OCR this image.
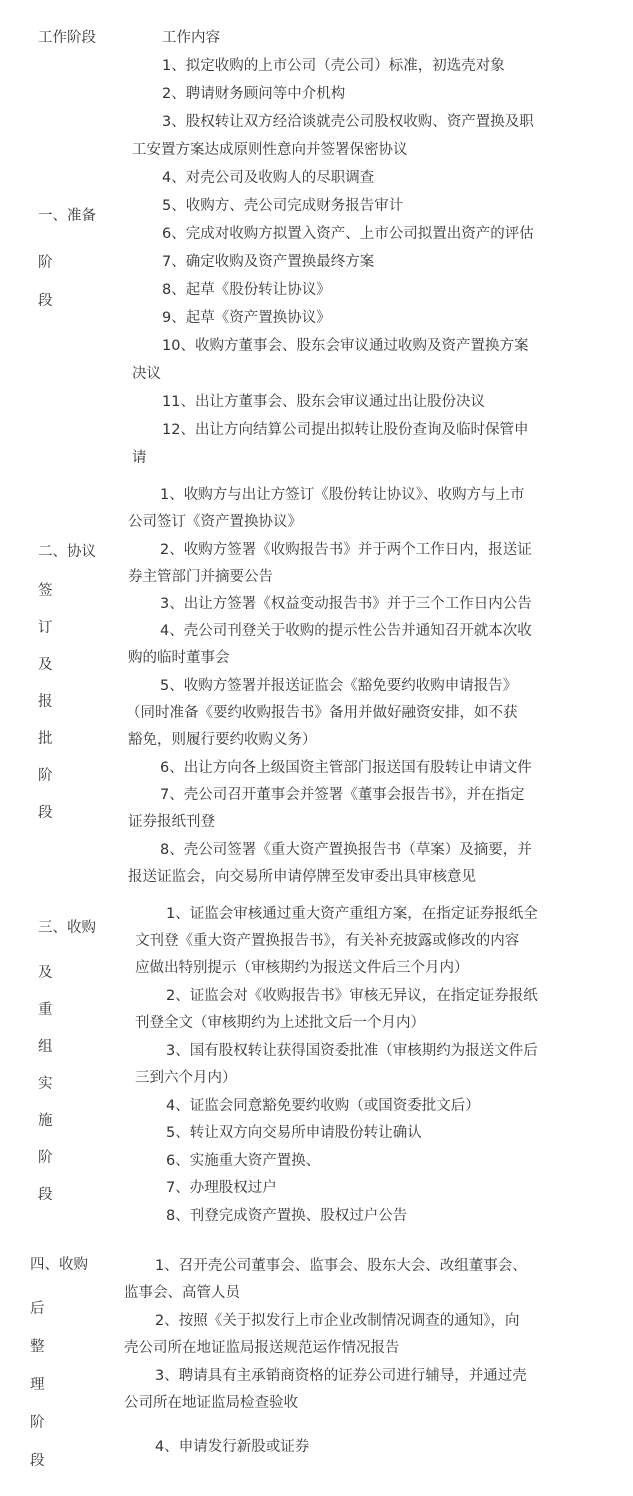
工作阶段	工作内容
一、准备
阶
段
1、拟定收购的上市公司（壳公司）标准，初选壳对象
2、聘请财务顾问等中介机构
3、股权转让双方经洽谈就壳公司股权收购、资产置换及职
工安置方案达成原则性意向并签署保密协议
4、对壳公司及收购人的尽职调查
5、收购方、壳公司完成财务报告审计
6、完成对收购方拟置入资产、上市公司拟置出资产的评估
7、确定收购及资产置换最终方案
8、起草《股份转让协议》
9、起草《资产置换协议》
10、收购方董事会、股东会审议通过收购及资产置换方案
决议
11、出让方董事会、股东会审议通过出让股份决议
12、出让方向结算公司提出拟转让股份查询及临时保管申
请
二、协议
签
订
及
报
批
阶
段
1、收购方与出让方签订《股份转让协议》、收购方与上市
公司签订《资产置换协议》
2、收购方签署《收购报告书》并于两个工作日内，报送证
券主管部门并摘要公告
3、出让方签署《权益变动报告书》并于三个工作日内公告
4、壳公司刊登关于收购的提示性公告并通知召开就本次收
购的临时董事会
5、收购方签署并报送证监会《豁免要约收购申请报告》
（同时准备《要约收购报告书》备用并做好融资安排，如不获
豁免，则履行要约收购义务）
6、出让方向各上级国资主管部门报送国有股转让申请文件
7、壳公司召开董事会并签署《董事会报告书》，并在指定
证券报纸刊登
8、壳公司签署《重大资产置换报告书（草案）及摘要，并
报送证监会，向交易所申请停牌至发审委出具审核意见
三、收购
及
重
组
实
施
阶
段
1、证监会审核通过重大资产重组方案，在指定证券报纸全
文刊登《重大资产置换报告书》，有关补充披露或修改的内容
应做出特别提示（审核期约为报送文件后三个月内）
2、证监会对《收购报告书》审核无异议，在指定证券报纸
刊登全文（审核期约为上述批文后一个月内）
3、国有股权转让获得国资委批准（审核期约为报送文件后
三到六个月内）
4、证监会同意豁免要约收购（或国资委批文后）
5、转让双方向交易所申请股份转让确认
6、实施重大资产置换、
7、办理股权过户
8、刊登完成资产置换、股权过户公告
四、收购
后
整
理
阶
段
1、召开壳公司董事会、监事会、股东大会、改组董事会、
监事会、高管人员
2、按照《关于拟发行上市企业改制情况调查的通知》，向
壳公司所在地证监局报送规范运作情况报告
3、聘请具有主承销商资格的证券公司进行辅导，并通过壳
公司所在地证监局检查验收
4、申请发行新股或证券
